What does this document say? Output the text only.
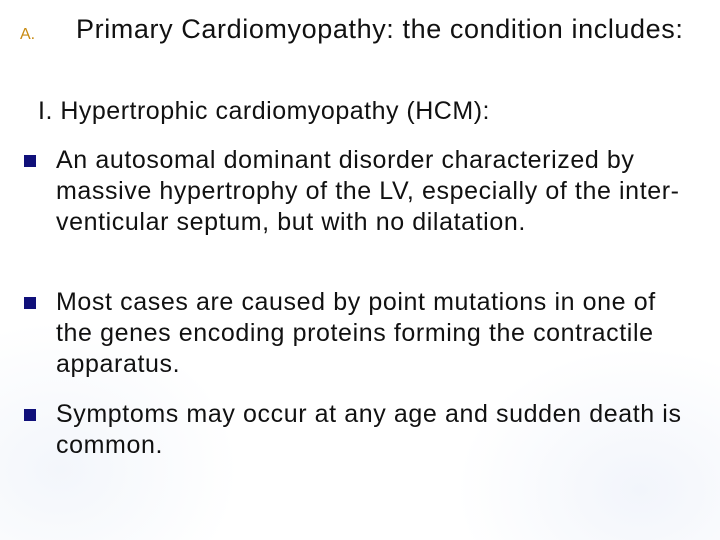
A. Primary Cardiomyopathy: the condition includes:
I. Hypertrophic cardiomyopathy (HCM):
An autosomal dominant disorder characterized by massive hypertrophy of the LV, especially of the inter-venticular septum, but with no dilatation.
Most cases are caused by point mutations in one of the genes encoding proteins forming the contractile apparatus.
Symptoms may occur at any age and sudden death is common.
